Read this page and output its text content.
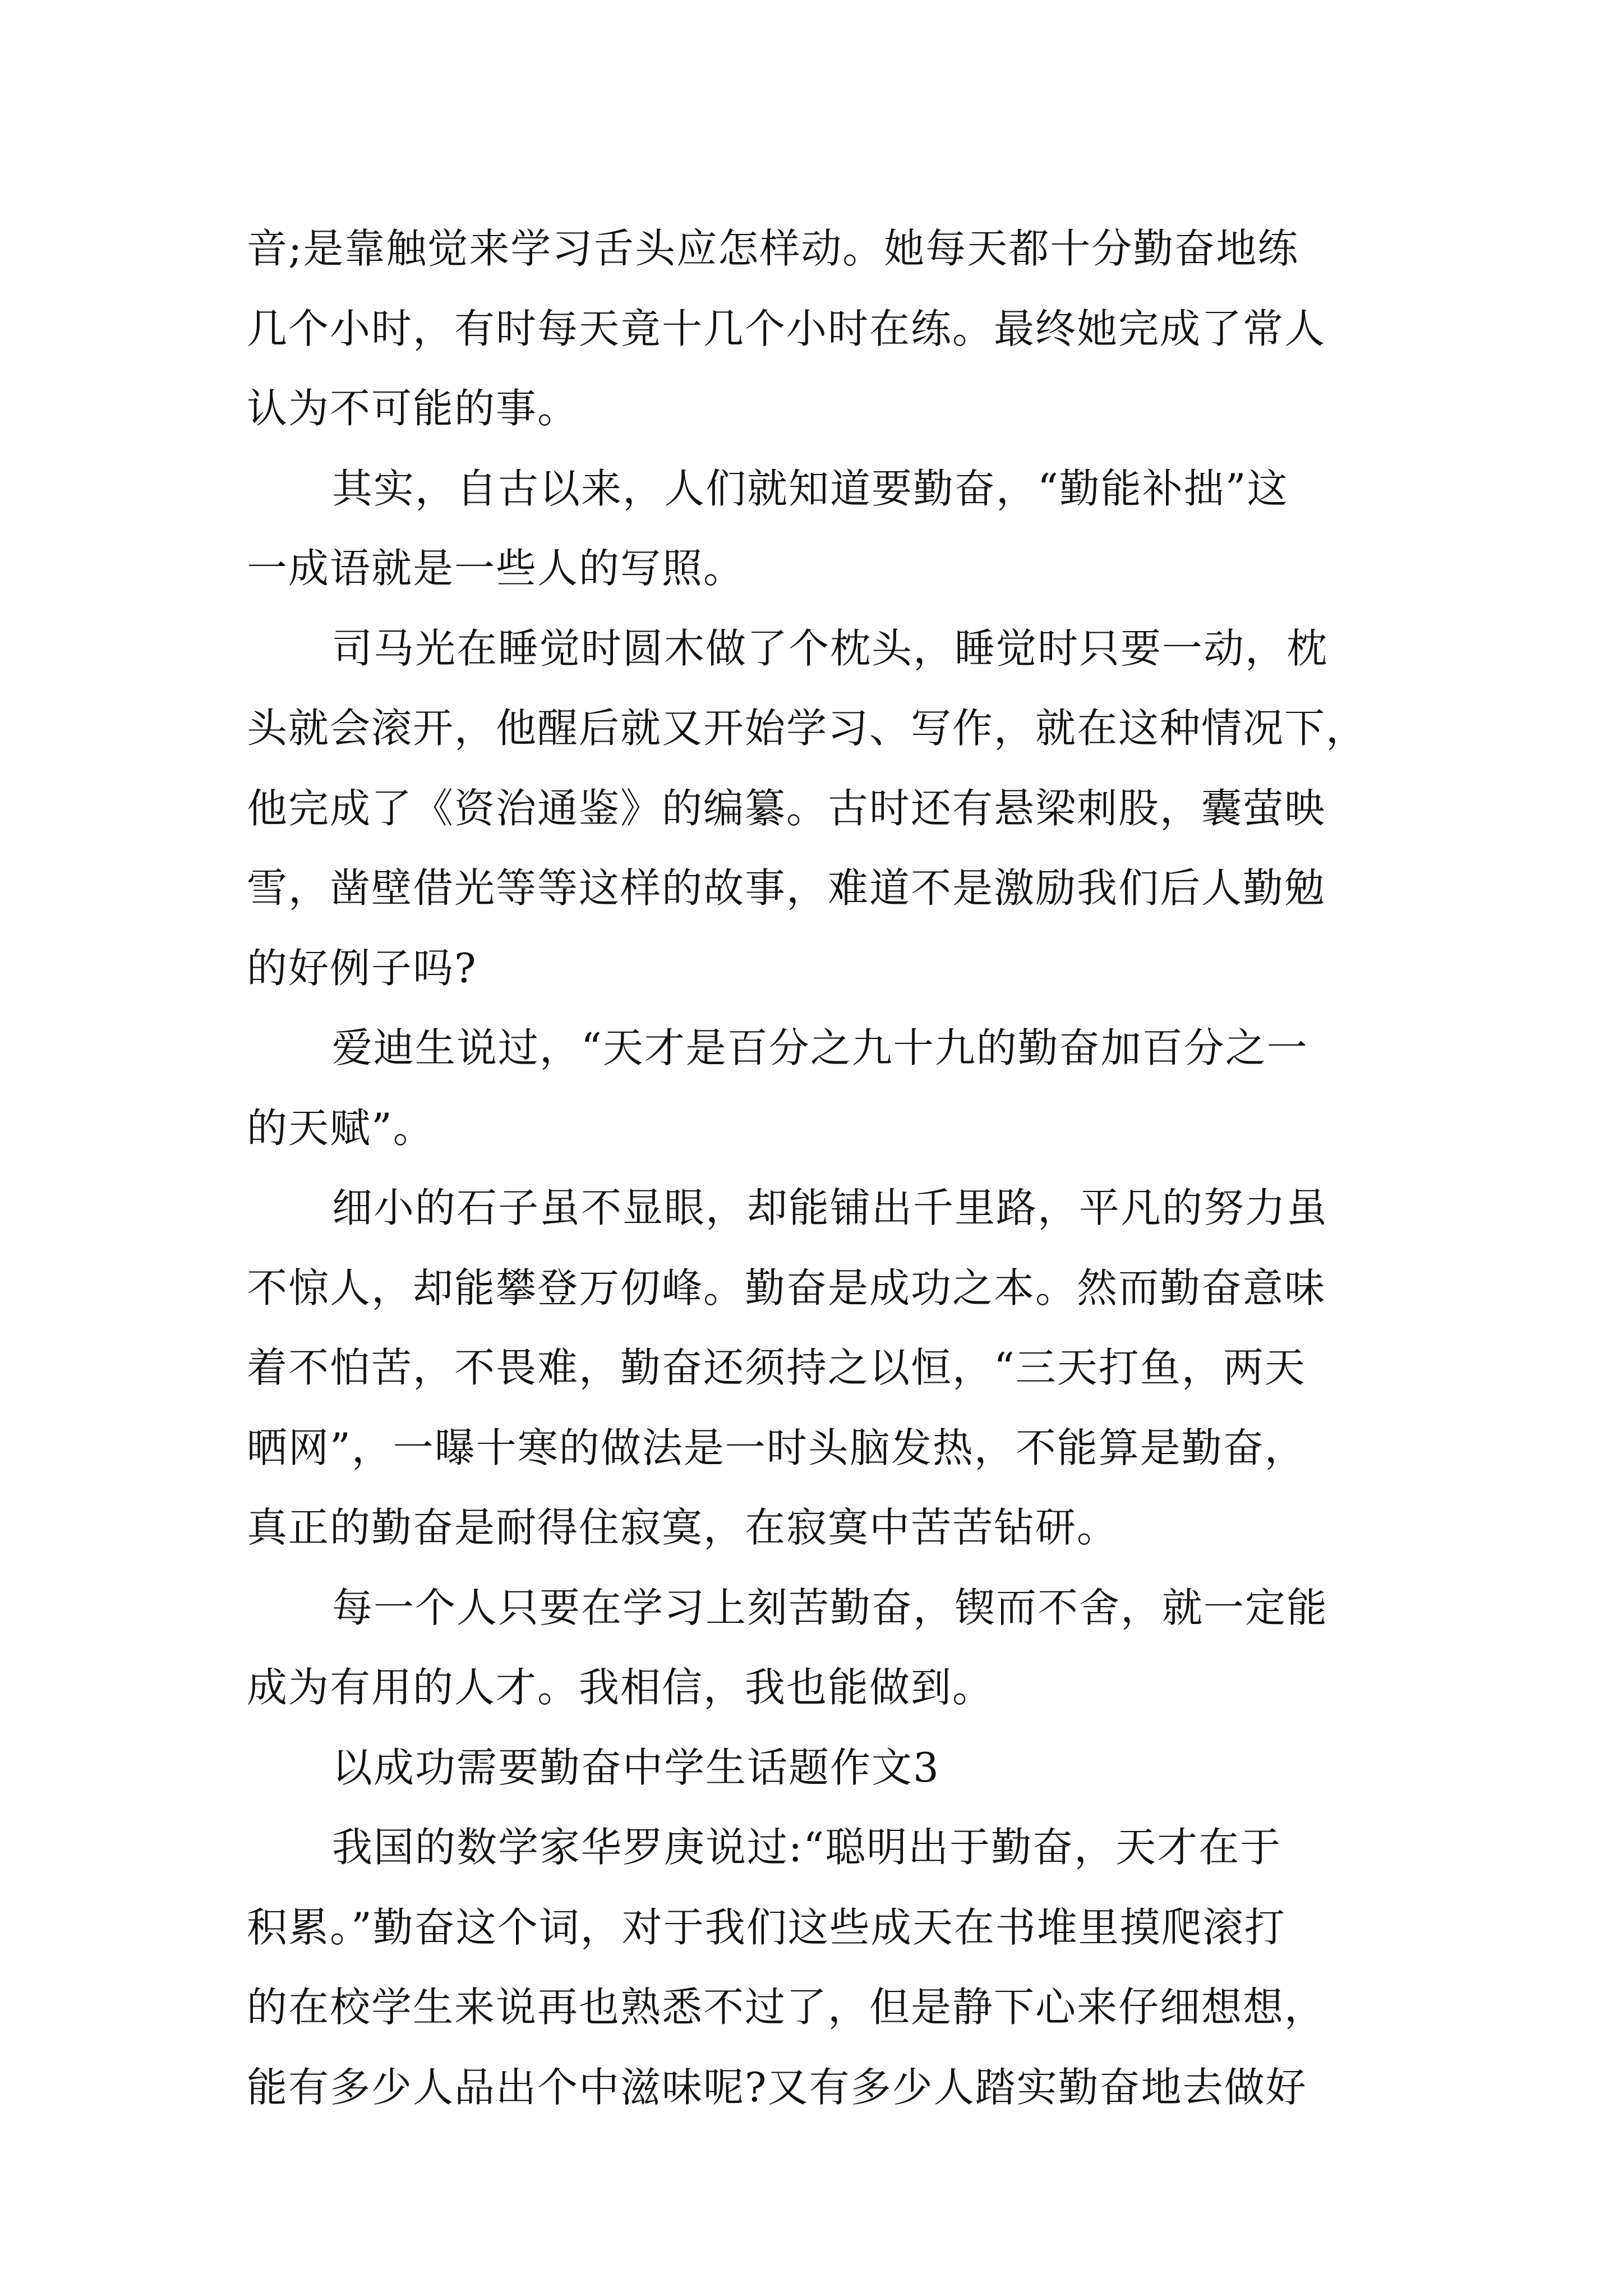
音;是靠触觉来学习舌头应怎样动。她每天都十分勤奋地练
几个小时，有时每天竟十几个小时在练。最终她完成了常人
认为不可能的事。
其实，自古以来，人们就知道要勤奋，“勤能补拙”这
一成语就是一些人的写照。
司马光在睡觉时圆木做了个枕头，睡觉时只要一动，枕
头就会滚开，他醒后就又开始学习、写作，就在这种情况下，
他完成了《资治通鉴》的编纂。古时还有悬梁刺股，囊萤映
雪，凿壁借光等等这样的故事，难道不是激励我们后人勤勉
的好例子吗?
爱迪生说过，“天才是百分之九十九的勤奋加百分之一
的天赋”。
细小的石子虽不显眼，却能铺出千里路，平凡的努力虽
不惊人，却能攀登万仞峰。勤奋是成功之本。然而勤奋意味
着不怕苦，不畏难，勤奋还须持之以恒，“三天打鱼，两天
晒网”，一曝十寒的做法是一时头脑发热，不能算是勤奋，
真正的勤奋是耐得住寂寞，在寂寞中苦苦钻研。
每一个人只要在学习上刻苦勤奋，锲而不舍，就一定能
成为有用的人才。我相信，我也能做到。
以成功需要勤奋中学生话题作文3
我国的数学家华罗庚说过:“聪明出于勤奋，天才在于
积累。”勤奋这个词，对于我们这些成天在书堆里摸爬滚打
的在校学生来说再也熟悉不过了，但是静下心来仔细想想，
能有多少人品出个中滋味呢?又有多少人踏实勤奋地去做好
